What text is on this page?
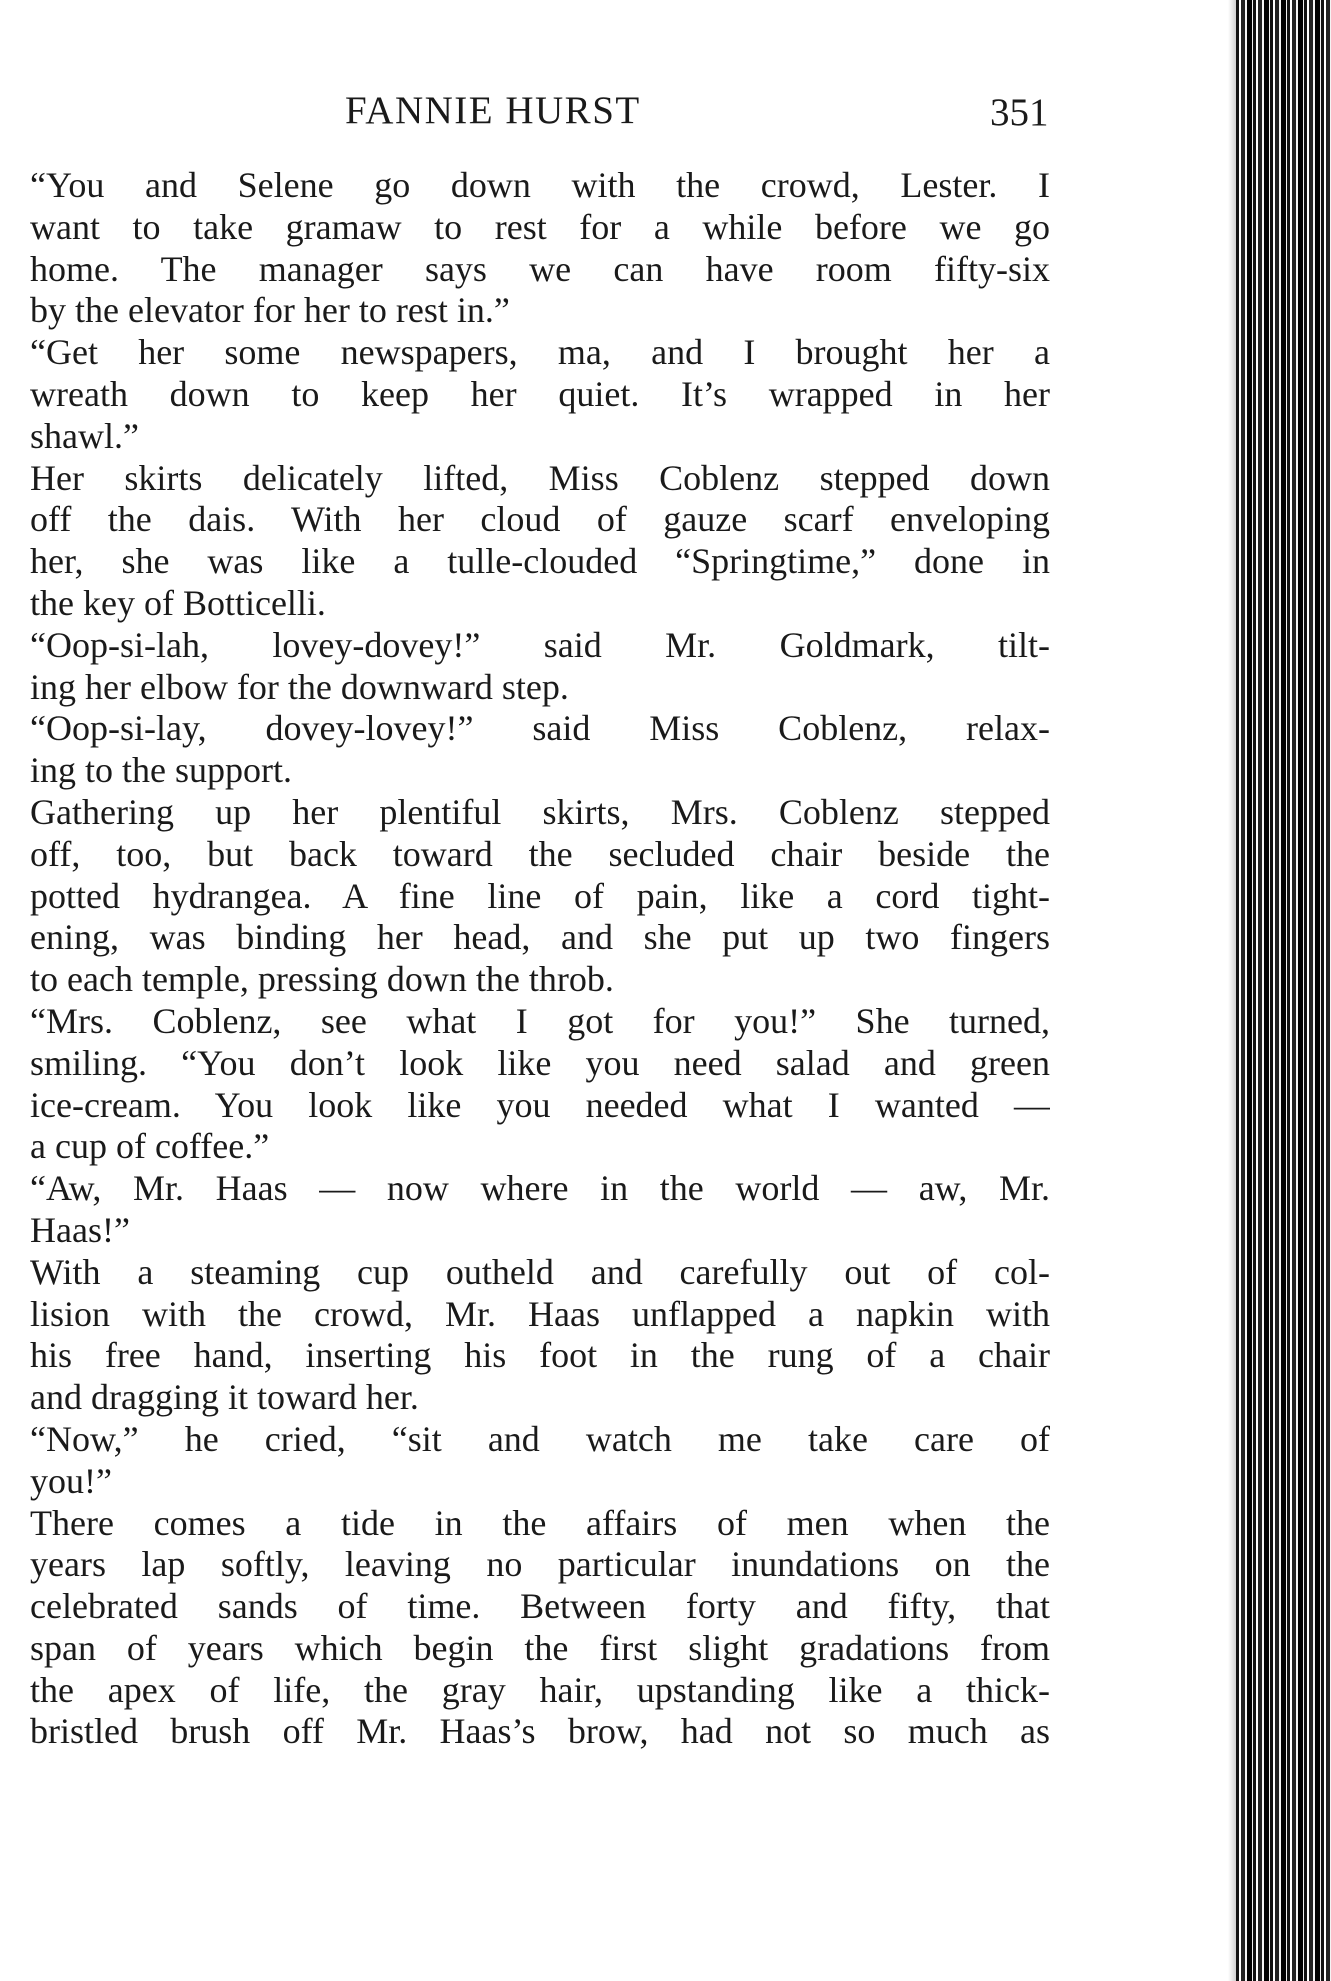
FANNIE HURST	351
“You and Selene go down with the crowd, Lester. I
want to take gramaw to rest for a while before we go
home. The manager says we can have room fifty-six
by the elevator for her to rest in.”
“Get her some newspapers, ma, and I brought her a
wreath down to keep her quiet. It’s wrapped in her
shawl.”
Her skirts delicately lifted, Miss Coblenz stepped down
off the dais. With her cloud of gauze scarf enveloping
her, she was like a tulle-clouded “Springtime,” done in
the key of Botticelli.
“Oop-si-lah, lovey-dovey!” said Mr. Goldmark, tilt-
ing her elbow for the downward step.
“Oop-si-lay, dovey-lovey!” said Miss Coblenz, relax-
ing to the support.
Gathering up her plentiful skirts, Mrs. Coblenz stepped
off, too, but back toward the secluded chair beside the
potted hydrangea. A fine line of pain, like a cord tight-
ening, was binding her head, and she put up two fingers
to each temple, pressing down the throb.
“Mrs. Coblenz, see what I got for you!” She turned,
smiling. “You don’t look like you need salad and green
ice-cream. You look like you needed what I wanted —
a cup of coffee.”
“Aw, Mr. Haas — now where in the world — aw, Mr.
Haas!”
With a steaming cup outheld and carefully out of col-
lision with the crowd, Mr. Haas unflapped a napkin with
his free hand, inserting his foot in the rung of a chair
and dragging it toward her.
“Now,” he cried, “sit and watch me take care of
you!”
There comes a tide in the affairs of men when the
years lap softly, leaving no particular inundations on the
celebrated sands of time. Between forty and fifty, that
span of years which begin the first slight gradations from
the apex of life, the gray hair, upstanding like a thick-
bristled brush off Mr. Haas’s brow, had not so much as
